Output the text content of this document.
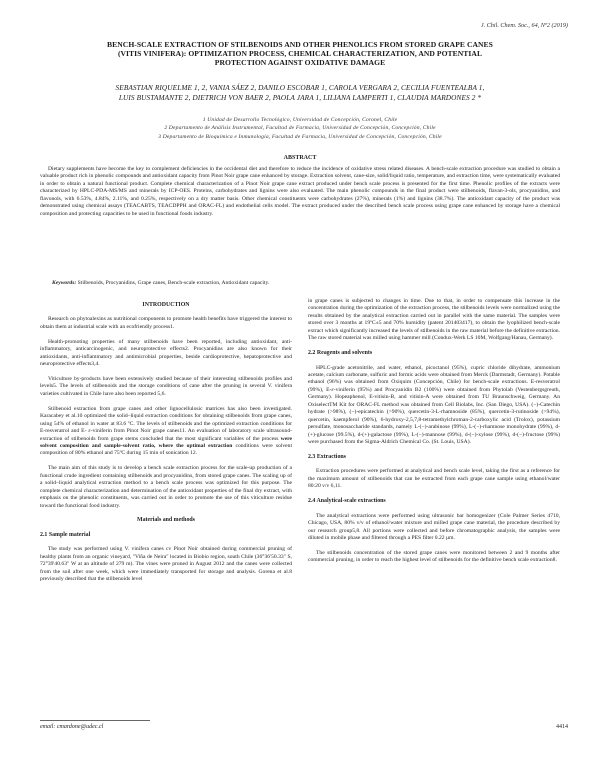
J. Chil. Chem. Soc., 64, Nº2 (2019)
BENCH-SCALE EXTRACTION OF STILBENOIDS AND OTHER PHENOLICS FROM STORED GRAPE CANES
(VITIS VINIFERA): OPTIMIZATION PROCESS, CHEMICAL CHARACTERIZATION, AND POTENTIAL
PROTECTION AGAINST OXIDATIVE DAMAGE
SEBASTIAN RIQUELME 1, 2, VANIA SÁEZ 2, DANILO ESCOBAR 1, CAROLA VERGARA 2, CECILIA FUENTEALBA 1,
LUIS BUSTAMANTE 2, DIETRICH VON BAER 2, PAOLA JARA 1, LILIANA LAMPERTI 1, CLAUDIA MARDONES 2 *
1 Unidad de Desarrollo Tecnológico, Universidad de Concepción, Coronel, Chile
2 Departamento de Análisis Instrumental, Facultad de Farmacia, Universidad de Concepción, Concepción, Chile
3 Departamento de Bioquímica e Inmunología, Facultad de Farmacia, Universidad de Concepción, Concepción, Chile
ABSTRACT
Dietary supplements have become the key to complement deficiencies in the occidental diet and therefore to reduce the incidence of oxidative stress related diseases. A bench-scale extraction procedure was studied to obtain a valuable product rich in phenolic compounds and antioxidant capacity from Pinot Noir grape cane enhanced by storage. Extraction solvent, cane-size, solid/liquid ratio, temperature, and extraction time, were systematically evaluated in order to obtain a natural functional product. Complete chemical characterization of a Pinot Noir grape cane extract produced under bench scale process is presented for the first time. Phenolic profiles of the extracts were characterized by HPLC-PDA-MS/MS and minerals by ICP-OES. Proteins, carbohydrates and lignins were also evaluated. The main phenolic compounds in the final product were stilbenoids, flavan-3-ols, procyanidins, and flavonols, with 6.53%, 4.84%, 2.11%, and 0.25%, respectively on a dry matter basis. Other chemical constituents were carbohydrates (27%), minerals (1%) and lignins (38.7%). The antioxidant capacity of the product was demonstrated using chemical assays (TEACABTS, TEACDPPH and ORAC-FL) and endothelial cells model. The extract produced under the described bench scale process using grape cane enhanced by storage have a chemical composition and protecting capacities to be used in functional foods industry.
Keywords: Stilbenoids, Procyanidins, Grape canes, Bench-scale extraction, Antioxidant capacity.
INTRODUCTION

Research on phytoalexins as nutritional components to promote health benefits have triggered the interest to obtain them at industrial scale with an ecofriendly process1.

Health-promoting properties of many stilbenoids have been reported, including antioxidant, anti-inflammatory, anticarcinogenic, and neuroprotective effects2. Procyanidins are also known for their antioxidants, anti-inflammatory and antimicrobial properties, beside cardioprotective, hepatoprotective and neuroprotective effects3,4.

Viticulture by-products have been extensively studied because of their interesting stilbenoids profiles and levels5. The levels of stilbenoids and the storage conditions of cane after the pruning in several V. vinifera varieties cultivated in Chile have also been reported 5,6.

Stilbenoid extraction from grape canes and other lignocellulosic matrices has also been investigated. Karacabey et al.10 optimized the solid–liquid extraction conditions for obtaining stilbenoids from grape canes, using 54% of ethanol in water at 83.6 ºC. The levels of stilbenoids and the optimized extraction conditions for E-resveratrol and E- ε-viniferin from Pinot Noir grape canes11. An evaluation of laboratory scale ultrasound-extraction of stilbenoids from grape stems concluded that the most significant variables of the process were solvent composition and sample-solvent ratio, where the optimal extraction conditions were solvent composition of 80% ethanol and 75ºC during 15 min of sonication 12.

The main aim of this study is to develop a bench scale extraction process for the scale-up production of a functional crude ingredient containing stilbenoids and procyanidins, from stored grape canes. The scaling up of a solid–liquid analytical extraction method to a bench scale process was optimized for this purpose. The complete chemical characterization and determination of the antioxidant properties of the final dry extract, with emphasis on the phenolic constituents, was carried out in order to promote the use of this viticulture residue toward the functional food industry.

Materials and methods
2.1 Sample material

The study was performed using V. vinifera canes cv Pinot Noir obtained during commercial pruning of healthy plants from an organic vineyard, "Viña de Neira" located in Biobio region, south Chile (36°36'50.33" S, 72°39'40.63" W at an altitude of 279 m). The vines were pruned in August 2012 and the canes were collected from the soil after one week, which were immediately transported for storage and analysis. Gorena et al.8 previously described that the stilbenoids level

in grape canes is subjected to changes in time. Due to that, in order to compensate this increase in the concentration during the optimization of the extraction process, the stilbenoids levels were normalized using the results obtained by the analytical extraction carried out in parallel with the same material. The samples were stored over 3 months at 19ºC±5 and 70% humidity (patent 201403417), to obtain the lyophilized bench-scale extract which significantly increased the levels of stilbenoids in the raw material before the definitive extraction. The raw stored material was milled using hammer mill (Condux-Werk LS 10M, Wolfgang/Hanau, Germany).

2.2 Reagents and solvents

HPLC-grade acetonitrile, and water, ethanol, picoctanol (95%), cupric chloride dihydrate, ammonium acetate, calcium carbonate, sulfuric and formic acids were obtained from Merck (Darmstadt, Germany). Potable ethanol (96%) was obtained from Oxiquim (Concepción, Chile) for bench-scale extractions. E-resveratrol (99%), E-ε-viniferin (95%) and Procyanidin B2 (100%) were obtained from Phytolab (Vestenbergsgreuth, Germany). Hopeaphenol, E-vitisin-B, and vitisin-A were obtained from TU Braunschweig, Germany. An OxiselectTM Kit for ORAC-FL method was obtained from Cell Biolabs, Inc. (San Diego, USA). (−)-Catechin hydrate (>98%), (−)-epicatechin (>90%), quercetin-3-L-rhamnoside (85%), quercetin-3-rutinoside (>94%), quercetin, kaempferol (90%), 6-hydroxy-2,5,7,8-tetramethylchroman-2-carboxylic acid (Trolox), potassium persulfate, monosaccharide standards, namely L-(−)-arabinose (99%), L-(−)-rhamnose monohydrate (99%), d-(+)-glucose (99.5%), d-(+)-galactose (99%), L-(−)-mannose (99%), d-(−)-xylose (99%), d-(−)-fructose (99%) were purchased from the Sigma-Aldrich Chemical Co. (St. Louis, USA).

2.3 Extractions

Extraction procedures were performed at analytical and bench scale level, taking the first as a reference for the maximum amount of stilbenoids that can be extracted from each grape cane sample using ethanol/water 80:20 v/v 6,11.

2.4 Analytical-scale extractions

The analytical extractions were performed using ultrasonic bar homogenizer (Cole Palmer Series 4710, Chicago, USA, 80% v/v of ethanol/water mixture and milled grape cane material, the procedure described by our research group5,8. All portions were collected and before chromatographic analysis, the samples were diluted in mobile phase and filtered through a PES filter 0.22 µm.

The stilbenoids concentration of the stored grape canes were monitored between 2 and 9 months after commercial pruning, in order to reach the highest level of stilbenoids for the definitive bench scale extraction8.

email: cmardone@udec.cl	4414
